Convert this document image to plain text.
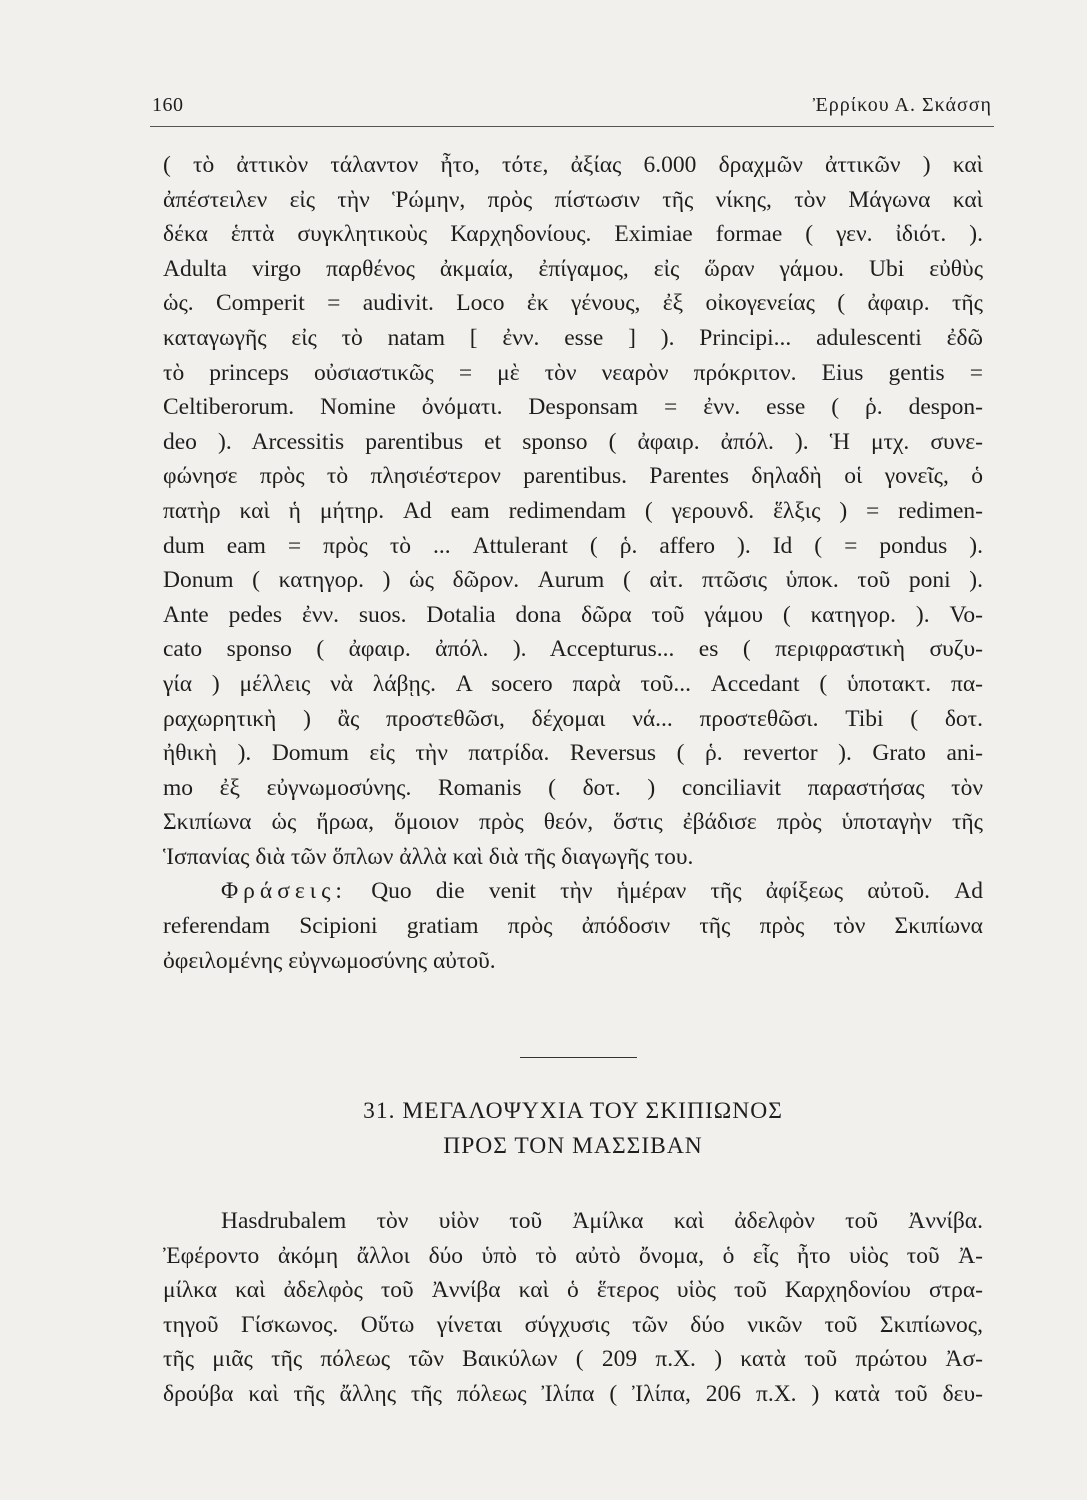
160	Ἐρρίκου Α. Σκάσση
( τὸ ἀττικὸν τάλαντον ἦτο, τότε, ἀξίας 6.000 δραχμῶν ἀττικῶν ) καὶ
ἀπέστειλεν εἰς τὴν Ῥώμην, πρὸς πίστωσιν τῆς νίκης, τὸν Μάγωνα καὶ
δέκα ἑπτὰ συγκλητικοὺς Καρχηδονίους. Eximiae formae ( γεν. ἰδιότ. ).
Adulta virgo παρθένος ἀκμαία, ἐπίγαμος, εἰς ὥραν γάμου. Ubi εὐθὺς
ὡς. Comperit = audivit. Loco ἐκ γένους, ἐξ οἰκογενείας ( ἀφαιρ. τῆς
καταγωγῆς εἰς τὸ natam [ ἐνν. esse ] ). Principi... adulescenti ἐδῶ
τὸ princeps οὐσιαστικῶς = μὲ τὸν νεαρὸν πρόκριτον. Eius gentis =
Celtiberorum. Nomine ὀνόματι. Desponsam = ἐνν. esse ( ῥ. despon-
deo ). Arcessitis parentibus et sponso ( ἀφαιρ. ἀπόλ. ). Ἡ μτχ. συνε-
φώνησε πρὸς τὸ πλησιέστερον parentibus. Parentes δηλαδὴ οἱ γονεῖς, ὁ
πατὴρ καὶ ἡ μήτηρ. Ad eam redimendam ( γερουνδ. ἕλξις ) = redimen-
dum eam = πρὸς τὸ ... Attulerant ( ῥ. affero ). Id ( = pondus ).
Donum ( κατηγορ. ) ὡς δῶρον. Aurum ( αἰτ. πτῶσις ὑποκ. τοῦ poni ).
Ante pedes ἐνν. suos. Dotalia dona δῶρα τοῦ γάμου ( κατηγορ. ). Vo-
cato sponso ( ἀφαιρ. ἀπόλ. ). Accepturus... es ( περιφραστικὴ συζυ-
γία ) μέλλεις νὰ λάβῃς. A socero παρὰ τοῦ... Accedant ( ὑποτακτ. πα-
ραχωρητικὴ ) ἂς προστεθῶσι, δέχομαι νά... προστεθῶσι. Tibi ( δοτ.
ἠθικὴ ). Domum εἰς τὴν πατρίδα. Reversus ( ῥ. revertor ). Grato ani-
mo ἐξ εὐγνωμοσύνης. Romanis ( δοτ. ) conciliavit παραστήσας τὸν
Σκιπίωνα ὡς ἥρωα, ὅμοιον πρὸς θεόν, ὅστις ἐβάδισε πρὸς ὑποταγὴν τῆς
Ἱσπανίας διὰ τῶν ὅπλων ἀλλὰ καὶ διὰ τῆς διαγωγῆς του.
Φράσεις: Quo die venit τὴν ἡμέραν τῆς ἀφίξεως αὐτοῦ. Ad
referendam Scipioni gratiam πρὸς ἀπόδοσιν τῆς πρὸς τὸν Σκιπίωνα
ὀφειλομένης εὐγνωμοσύνης αὐτοῦ.
31. ΜΕΓΑΛΟΨΥΧΙΑ ΤΟΥ ΣΚΙΠΙΩΝΟΣ
ΠΡΟΣ ΤΟΝ ΜΑΣΣΙΒΑΝ
Hasdrubalem τὸν υἱὸν τοῦ Ἀμίλκα καὶ ἀδελφὸν τοῦ Ἀννίβα.
Ἐφέροντο ἀκόμη ἄλλοι δύο ὑπὸ τὸ αὐτὸ ὄνομα, ὁ εἷς ἦτο υἱὸς τοῦ Ἀ-
μίλκα καὶ ἀδελφὸς τοῦ Ἀννίβα καὶ ὁ ἕτερος υἱὸς τοῦ Καρχηδονίου στρα-
τηγοῦ Γίσκωνος. Οὕτω γίνεται σύγχυσις τῶν δύο νικῶν τοῦ Σκιπίωνος,
τῆς μιᾶς τῆς πόλεως τῶν Βαικύλων ( 209 π.Χ. ) κατὰ τοῦ πρώτου Ἀσ-
δρούβα καὶ τῆς ἄλλης τῆς πόλεως Ἰλίπα ( Ἰλίπα, 206 π.Χ. ) κατὰ τοῦ δευ-
